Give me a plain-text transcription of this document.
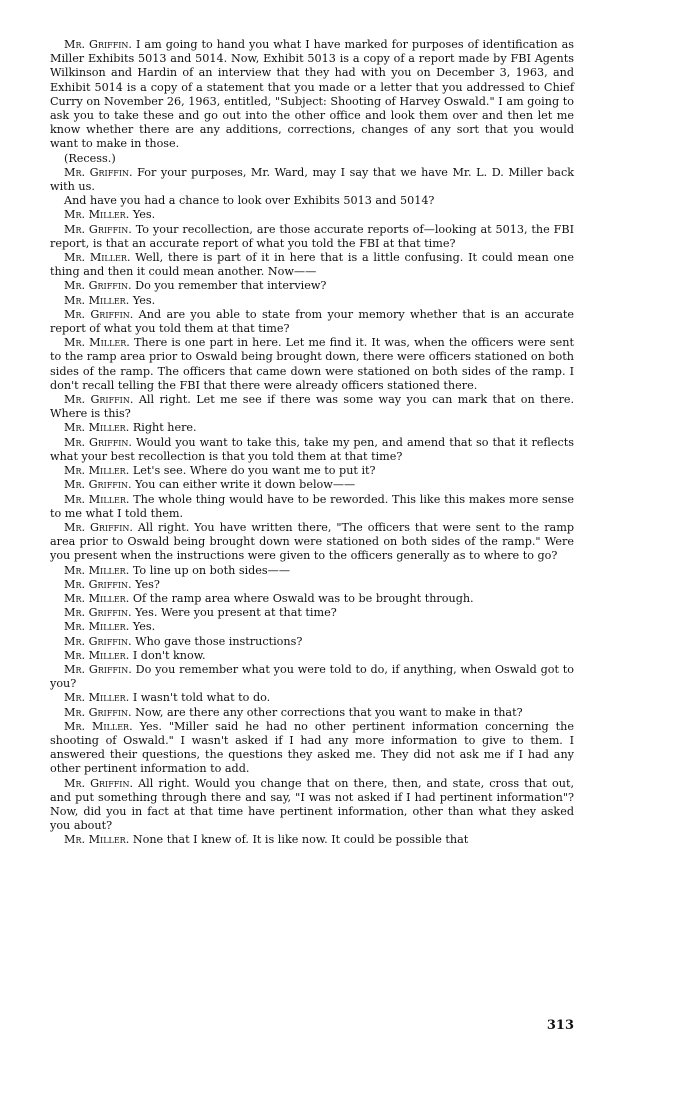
Mr. Griffin. I am going to hand you what I have marked for purposes of identification as Miller Exhibits 5013 and 5014. Now, Exhibit 5013 is a copy of a report made by FBI Agents Wilkinson and Hardin of an interview that they had with you on December 3, 1963, and Exhibit 5014 is a copy of a statement that you made or a letter that you addressed to Chief Curry on November 26, 1963, entitled, "Subject: Shooting of Harvey Oswald." I am going to ask you to take these and go out into the other office and look them over and then let me know whether there are any additions, corrections, changes of any sort that you would want to make in those.

(Recess.)

Mr. Griffin. For your purposes, Mr. Ward, may I say that we have Mr. L. D. Miller back with us.

And have you had a chance to look over Exhibits 5013 and 5014?

Mr. Miller. Yes.

Mr. Griffin. To your recollection, are those accurate reports of—looking at 5013, the FBI report, is that an accurate report of what you told the FBI at that time?

Mr. Miller. Well, there is part of it in here that is a little confusing. It could mean one thing and then it could mean another. Now——

Mr. Griffin. Do you remember that interview?

Mr. Miller. Yes.

Mr. Griffin. And are you able to state from your memory whether that is an accurate report of what you told them at that time?

Mr. Miller. There is one part in here. Let me find it. It was, when the officers were sent to the ramp area prior to Oswald being brought down, there were officers stationed on both sides of the ramp. The officers that came down were stationed on both sides of the ramp. I don't recall telling the FBI that there were already officers stationed there.

Mr. Griffin. All right. Let me see if there was some way you can mark that on there. Where is this?

Mr. Miller. Right here.

Mr. Griffin. Would you want to take this, take my pen, and amend that so that it reflects what your best recollection is that you told them at that time?

Mr. Miller. Let's see. Where do you want me to put it?

Mr. Griffin. You can either write it down below——

Mr. Miller. The whole thing would have to be reworded. This like this makes more sense to me what I told them.

Mr. Griffin. All right. You have written there, "The officers that were sent to the ramp area prior to Oswald being brought down were stationed on both sides of the ramp." Were you present when the instructions were given to the officers generally as to where to go?

Mr. Miller. To line up on both sides——

Mr. Griffin. Yes?

Mr. Miller. Of the ramp area where Oswald was to be brought through.

Mr. Griffin. Yes. Were you present at that time?

Mr. Miller. Yes.

Mr. Griffin. Who gave those instructions?

Mr. Miller. I don't know.

Mr. Griffin. Do you remember what you were told to do, if anything, when Oswald got to you?

Mr. Miller. I wasn't told what to do.

Mr. Griffin. Now, are there any other corrections that you want to make in that?

Mr. Miller. Yes. "Miller said he had no other pertinent information concerning the shooting of Oswald." I wasn't asked if I had any more information to give to them. I answered their questions, the questions they asked me. They did not ask me if I had any other pertinent information to add.

Mr. Griffin. All right. Would you change that on there, then, and state, cross that out, and put something through there and say, "I was not asked if I had pertinent information"? Now, did you in fact at that time have pertinent information, other than what they asked you about?

Mr. Miller. None that I knew of. It is like now. It could be possible that

313
